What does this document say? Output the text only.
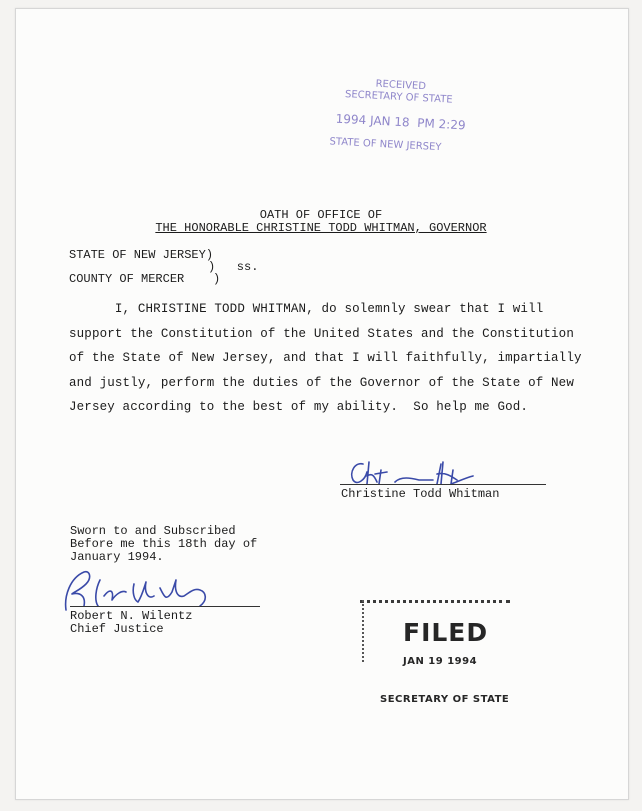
RECEIVED
SECRETARY OF STATE
1994 JAN 18  PM 2:29
STATE OF NEW JERSEY
OATH OF OFFICE OF
THE HONORABLE CHRISTINE TODD WHITMAN, GOVERNOR
STATE OF NEW JERSEY)
)   ss.
COUNTY OF MERCER    )
I, CHRISTINE TODD WHITMAN, do solemnly swear that I will
support the Constitution of the United States and the Constitution
of the State of New Jersey, and that I will faithfully, impartially
and justly, perform the duties of the Governor of the State of New
Jersey according to the best of my ability.  So help me God.
Christine Todd Whitman
Sworn to and Subscribed
Before me this 18th day of
January 1994.
Robert N. Wilentz
Chief Justice	FILED
JAN 19 1994
SECRETARY OF STATE
